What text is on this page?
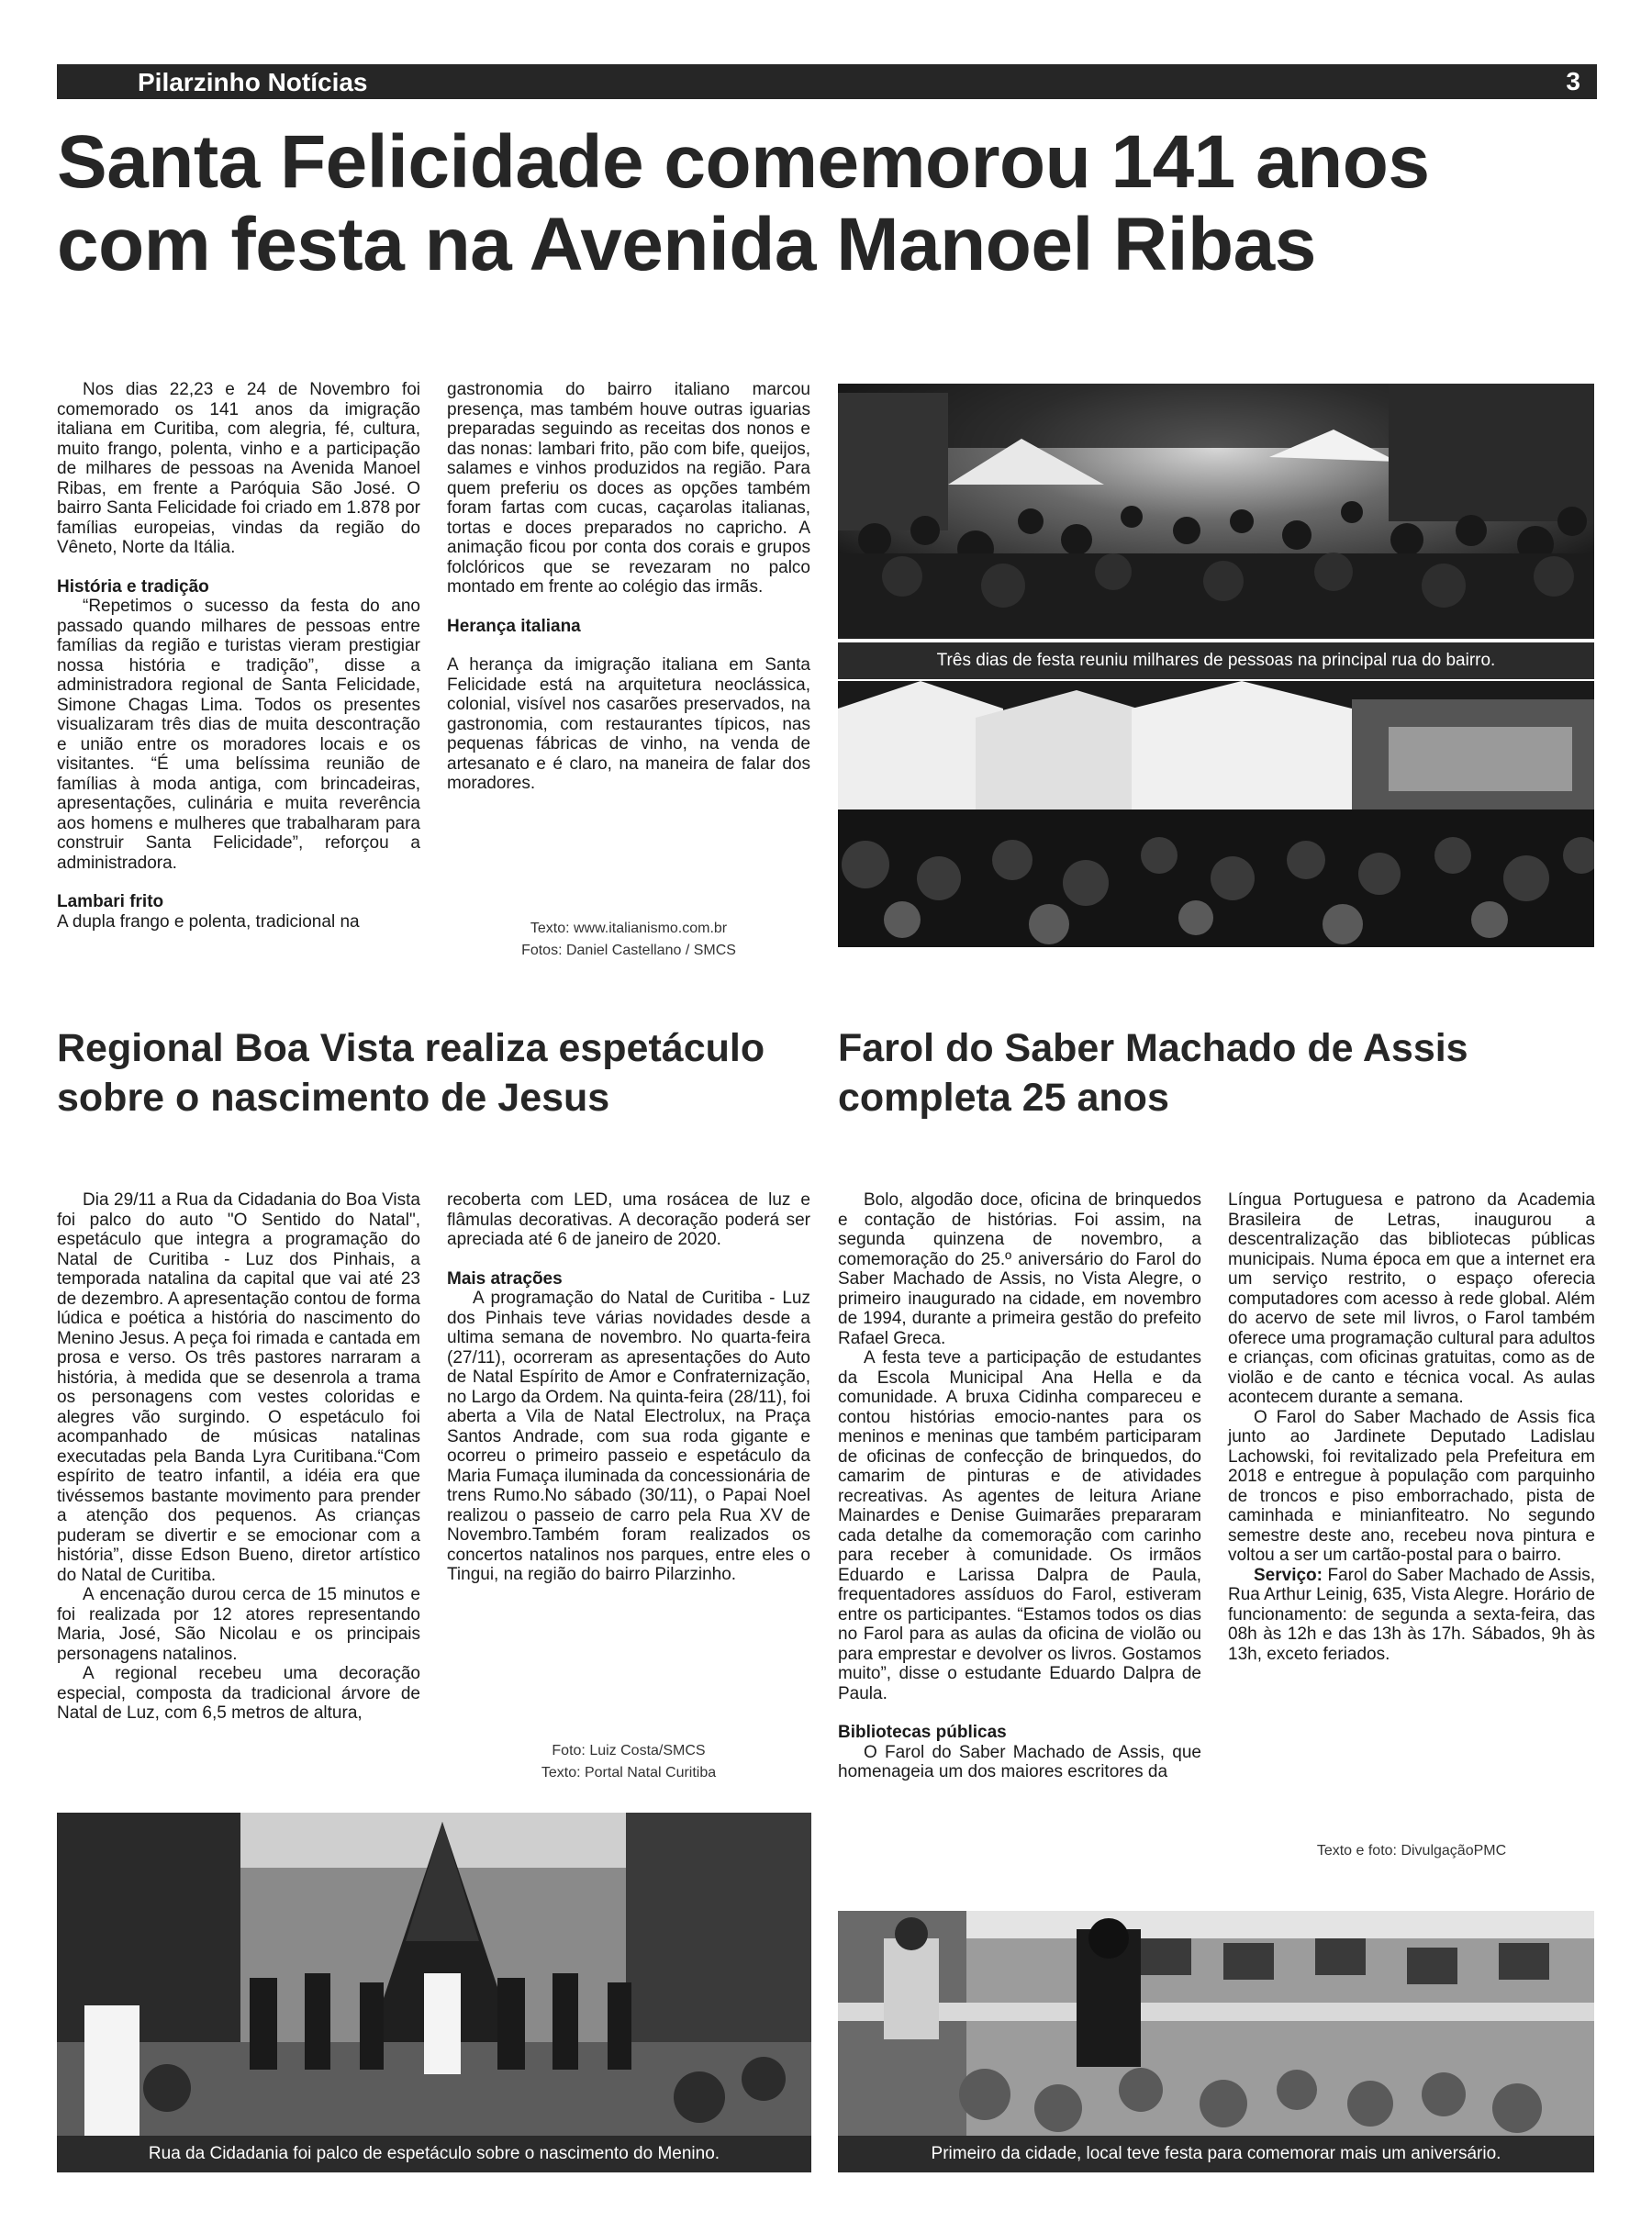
Pilarzinho Notícias	3
Santa Felicidade comemorou 141 anos com festa na Avenida Manoel Ribas

Nos dias 22,23 e 24 de Novembro foi comemorado os 141 anos da imigração italiana em Curitiba, com alegria, fé, cultura, muito frango, polenta, vinho e a participação de milhares de pessoas na Avenida Manoel Ribas, em frente a Paróquia São José. O bairro Santa Felicidade foi criado em 1.878 por famílias europeias, vindas da região do Vêneto, Norte da Itália.

História e tradição

“Repetimos o sucesso da festa do ano passado quando milhares de pessoas entre famílias da região e turistas vieram prestigiar nossa história e tradição”, disse a administradora regional de Santa Felicidade, Simone Chagas Lima. Todos os presentes visualizaram três dias de muita descontração e união entre os moradores locais e os visitantes. “É uma belíssima reunião de famílias à moda antiga, com brincadeiras, apresentações, culinária e muita reverência aos homens e mulheres que trabalharam para construir Santa Felicidade”, reforçou a administradora.

Lambari frito

A dupla frango e polenta, tradicional na

gastronomia do bairro italiano marcou presença, mas também houve outras iguarias preparadas seguindo as receitas dos nonos e das nonas: lambari frito, pão com bife, queijos, salames e vinhos produzidos na região. Para quem preferiu os doces as opções também foram fartas com cucas, caçarolas italianas, tortas e doces preparados no capricho. A animação ficou por conta dos corais e grupos folclóricos que se revezaram no palco montado em frente ao colégio das irmãs.

Herança italiana

A herança da imigração italiana em Santa Felicidade está na arquitetura neoclássica, colonial, visível nos casarões preservados, na gastronomia, com restaurantes típicos, nas pequenas fábricas de vinho, na venda de artesanato e é claro, na maneira de falar dos moradores.

Texto: www.italianismo.com.br
Fotos: Daniel Castellano / SMCS
Três dias de festa reuniu milhares de pessoas na principal rua do bairro.
Regional Boa Vista realiza espetáculo sobre o nascimento de Jesus

Dia 29/11 a Rua da Cidadania do Boa Vista foi palco do auto "O Sentido do Natal", espetáculo que integra a programação do Natal de Curitiba - Luz dos Pinhais, a temporada natalina da capital que vai até 23 de dezembro. A apresentação contou de forma lúdica e poética a história do nascimento do Menino Jesus. A peça foi rimada e cantada em prosa e verso. Os três pastores narraram a história, à medida que se desenrola a trama os personagens com vestes coloridas e alegres vão surgindo. O espetáculo foi acompanhado de músicas natalinas executadas pela Banda Lyra Curitibana.“Com espírito de teatro infantil, a idéia era que tivéssemos bastante movimento para prender a atenção dos pequenos. As crianças puderam se divertir e se emocionar com a história”, disse Edson Bueno, diretor artístico do Natal de Curitiba.

A encenação durou cerca de 15 minutos e foi realizada por 12 atores representando Maria, José, São Nicolau e os principais personagens natalinos.

A regional recebeu uma decoração especial, composta da tradicional árvore de Natal de Luz, com 6,5 metros de altura,

recoberta com LED, uma rosácea de luz e flâmulas decorativas. A decoração poderá ser apreciada até 6 de janeiro de 2020.

Mais atrações

A programação do Natal de Curitiba - Luz dos Pinhais teve várias novidades desde a ultima semana de novembro. No quarta-feira (27/11), ocorreram as apresentações do Auto de Natal Espírito de Amor e Confraternização, no Largo da Ordem. Na quinta-feira (28/11), foi aberta a Vila de Natal Electrolux, na Praça Santos Andrade, com sua roda gigante e ocorreu o primeiro passeio e espetáculo da Maria Fumaça iluminada da concessionária de trens Rumo.No sábado (30/11), o Papai Noel realizou o passeio de carro pela Rua XV de Novembro.Também foram realizados os concertos natalinos nos parques, entre eles o Tingui, na região do bairro Pilarzinho.

Foto: Luiz Costa/SMCS
Texto: Portal Natal Curitiba
Rua da Cidadania foi palco de espetáculo sobre o nascimento do Menino.
Farol do Saber Machado de Assis completa 25 anos

Bolo, algodão doce, oficina de brinquedos e contação de histórias. Foi assim, na segunda quinzena de novembro, a comemoração do 25.º aniversário do Farol do Saber Machado de Assis, no Vista Alegre, o primeiro inaugurado na cidade, em novembro de 1994, durante a primeira gestão do prefeito Rafael Greca.

A festa teve a participação de estudantes da Escola Municipal Ana Hella e da comunidade. A bruxa Cidinha compareceu e contou histórias emocio-nantes para os meninos e meninas que também participaram de oficinas de confecção de brinquedos, do camarim de pinturas e de atividades recreativas. As agentes de leitura Ariane Mainardes e Denise Guimarães prepararam cada detalhe da comemoração com carinho para receber à comunidade. Os irmãos Eduardo e Larissa Dalpra de Paula, frequentadores assíduos do Farol, estiveram entre os participantes. “Estamos todos os dias no Farol para as aulas da oficina de violão ou para emprestar e devolver os livros. Gostamos muito”, disse o estudante Eduardo Dalpra de Paula.

Bibliotecas públicas

O Farol do Saber Machado de Assis, que homenageia um dos maiores escritores da

Língua Portuguesa e patrono da Academia Brasileira de Letras, inaugurou a descentralização das bibliotecas públicas municipais. Numa época em que a internet era um serviço restrito, o espaço oferecia computadores com acesso à rede global. Além do acervo de sete mil livros, o Farol também oferece uma programação cultural para adultos e crianças, com oficinas gratuitas, como as de violão e de canto e técnica vocal. As aulas acontecem durante a semana.

O Farol do Saber Machado de Assis fica junto ao Jardinete Deputado Ladislau Lachowski, foi revitalizado pela Prefeitura em 2018 e entregue à população com parquinho de troncos e piso emborrachado, pista de caminhada e minianfiteatro. No segundo semestre deste ano, recebeu nova pintura e voltou a ser um cartão-postal para o bairro.

Serviço: Farol do Saber Machado de Assis, Rua Arthur Leinig, 635, Vista Alegre. Horário de funcionamento: de segunda a sexta-feira, das 08h às 12h e das 13h às 17h. Sábados, 9h às 13h, exceto feriados.

Texto e foto: DivulgaçãoPMC
Primeiro da cidade, local teve festa para comemorar mais um aniversário.
